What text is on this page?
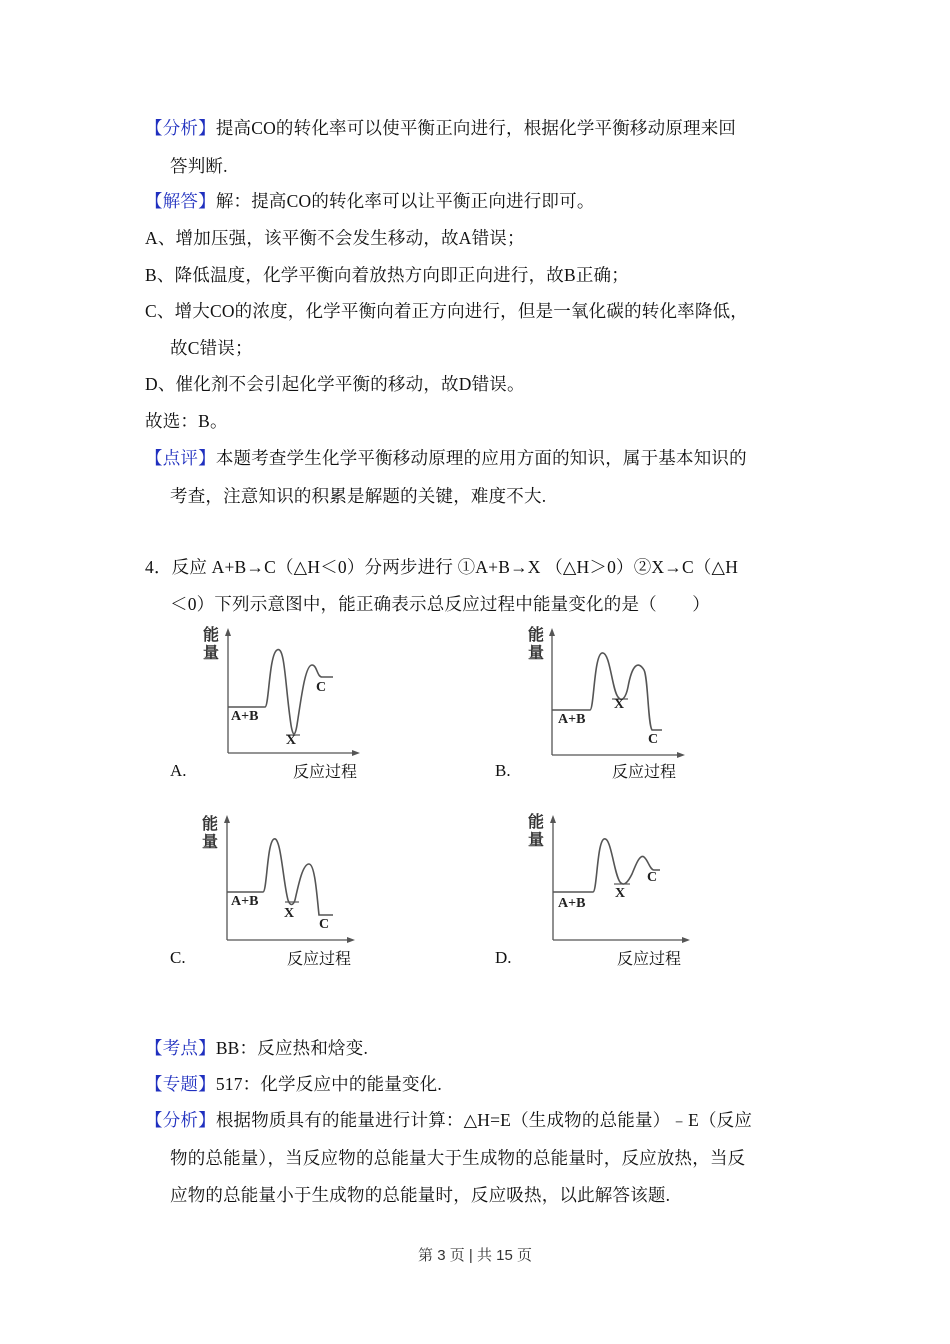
【分析】提高CO的转化率可以使平衡正向进行，根据化学平衡移动原理来回
答判断.
【解答】解：提高CO的转化率可以让平衡正向进行即可。
A、增加压强，该平衡不会发生移动，故A错误；
B、降低温度，化学平衡向着放热方向即正向进行，故B正确；
C、增大CO的浓度，化学平衡向着正方向进行，但是一氧化碳的转化率降低，
故C错误；
D、催化剂不会引起化学平衡的移动，故D错误。
故选：B。
【点评】本题考查学生化学平衡移动原理的应用方面的知识，属于基本知识的
考查，注意知识的积累是解题的关键，难度不大.
4．反应 A+B→C（△H＜0）分两步进行 ①A+B→X （△H＞0）②X→C（△H
＜0）下列示意图中，能正确表示总反应过程中能量变化的是（　　）
能量
A+B
X
C
A.	反应过程
能量
A+B
X
C
B.	反应过程
能量
A+B
X
C
C.	反应过程
能量
A+B
X
C
D.	反应过程
【考点】BB：反应热和焓变.
【专题】517：化学反应中的能量变化.
【分析】根据物质具有的能量进行计算：△H=E（生成物的总能量）﹣E（反应
物的总能量），当反应物的总能量大于生成物的总能量时，反应放热，当反
应物的总能量小于生成物的总能量时，反应吸热，以此解答该题.
第 3 页 | 共 15 页
